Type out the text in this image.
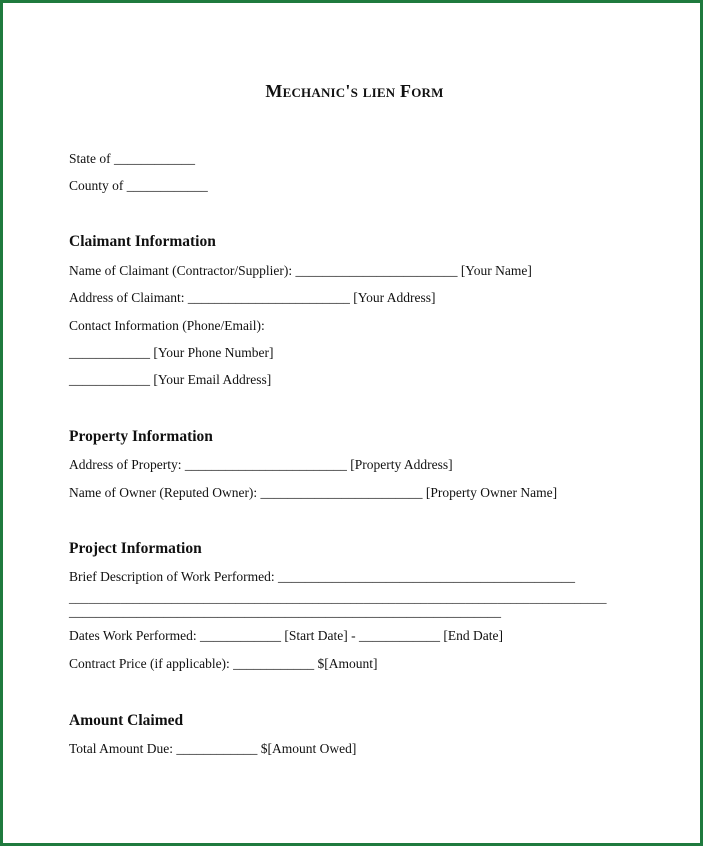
Mechanic's lien Form
State of ____________
County of ____________
Claimant Information
Name of Claimant (Contractor/Supplier): ________________________ [Your Name]
Address of Claimant: ________________________ [Your Address]
Contact Information (Phone/Email):
____________ [Your Phone Number]
____________ [Your Email Address]
Property Information
Address of Property: ________________________ [Property Address]
Name of Owner (Reputed Owner): ________________________ [Property Owner Name]
Project Information
Brief Description of Work Performed: ____________________________________________
____________________________________________________________________________________
________________________________________________________________
Dates Work Performed: ____________ [Start Date] - ____________ [End Date]
Contract Price (if applicable): ____________ $[Amount]
Amount Claimed
Total Amount Due: ____________ $[Amount Owed]
